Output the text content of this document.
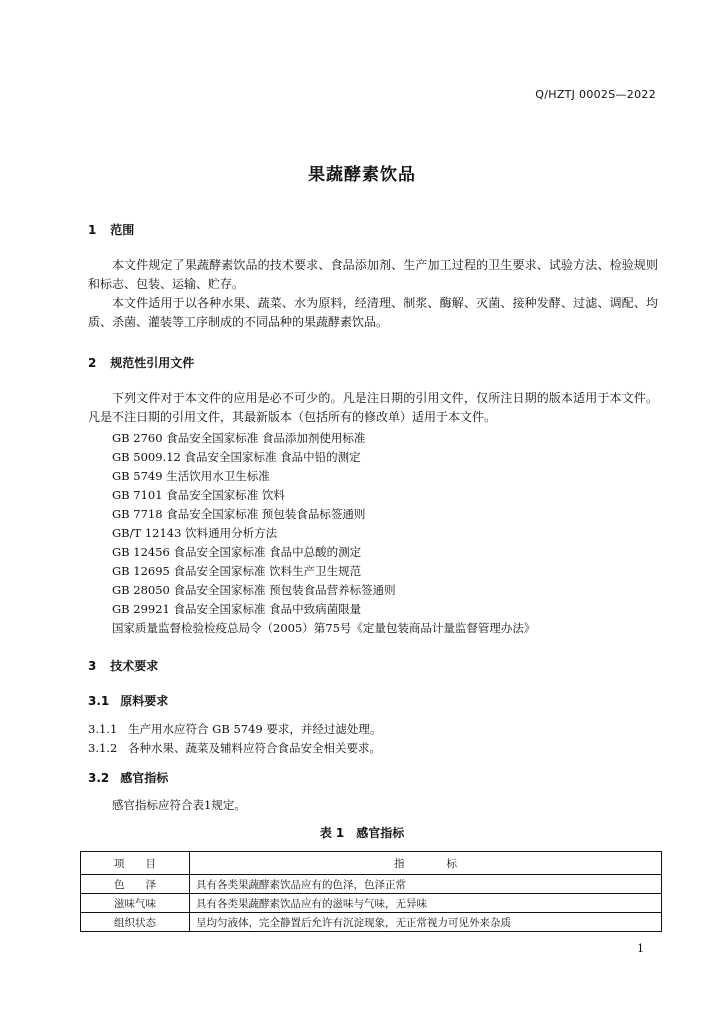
Q/HZTJ 0002S—2022
果蔬酵素饮品
1 范围
本文件规定了果蔬酵素饮品的技术要求、食品添加剂、生产加工过程的卫生要求、试验方法、检验规则和标志、包装、运输、贮存。
本文件适用于以各种水果、蔬菜、水为原料，经清理、制浆、酶解、灭菌、接种发酵、过滤、调配、均质、杀菌、灌装等工序制成的不同品种的果蔬酵素饮品。
2 规范性引用文件
下列文件对于本文件的应用是必不可少的。凡是注日期的引用文件，仅所注日期的版本适用于本文件。凡是不注日期的引用文件，其最新版本（包括所有的修改单）适用于本文件。
GB 2760 食品安全国家标准 食品添加剂使用标准
GB 5009.12 食品安全国家标准 食品中铅的测定
GB 5749 生活饮用水卫生标准
GB 7101 食品安全国家标准 饮料
GB 7718 食品安全国家标准 预包装食品标签通则
GB/T 12143 饮料通用分析方法
GB 12456 食品安全国家标准 食品中总酸的测定
GB 12695 食品安全国家标准 饮料生产卫生规范
GB 28050 食品安全国家标准 预包装食品营养标签通则
GB 29921 食品安全国家标准 食品中致病菌限量
国家质量监督检验检疫总局令（2005）第75号《定量包装商品计量监督管理办法》
3 技术要求
3.1 原料要求
3.1.1 生产用水应符合 GB 5749 要求，并经过滤处理。
3.1.2 各种水果、蔬菜及辅料应符合食品安全相关要求。
3.2 感官指标
感官指标应符合表1规定。
表 1　感官指标
项　　目	指　　　　标
色　　泽	具有各类果蔬酵素饮品应有的色泽，色泽正常
滋味气味	具有各类果蔬酵素饮品应有的滋味与气味，无异味
组织状态	呈均匀液体，完全静置后允许有沉淀现象，无正常视力可见外来杂质
1
